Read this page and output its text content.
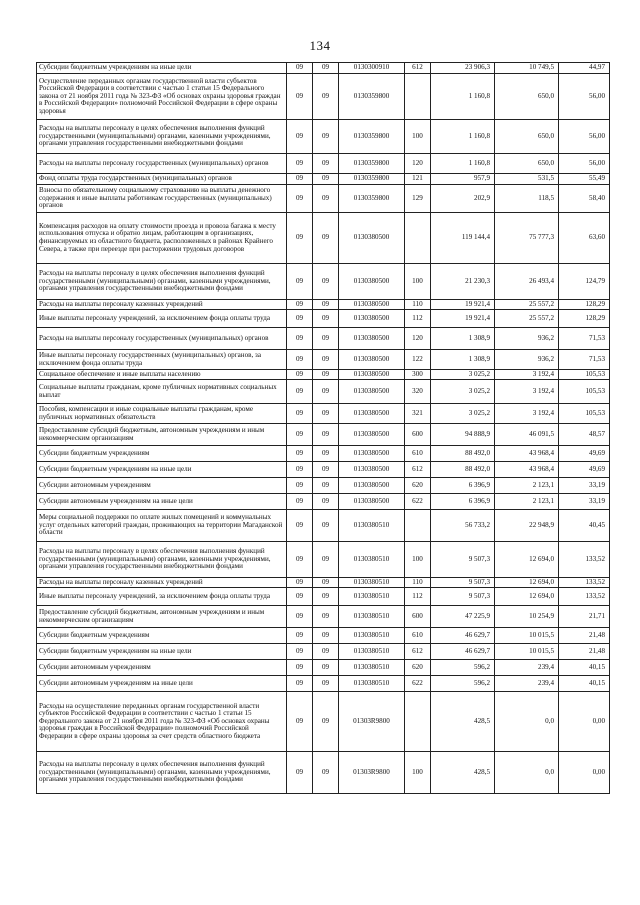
134
Субсидии бюджетным учреждениям на иные цели	09	09	0130300910	612	23 906,3	10 749,5	44,97
Осуществление переданных органам государственной власти субъектов Российской Федерации в соответствии с частью 1 статьи 15 Федерального закона от 21 ноября 2011 года № 323-ФЗ «Об основах охраны здоровья граждан в Российской Федерации» полномочий Российской Федерации в сфере охраны здоровья	09	09	0130359800		1 160,8	650,0	56,00
Расходы на выплаты персоналу в целях обеспечения выполнения функций государственными (муниципальными) органами, казенными учреждениями, органами управления государственными внебюджетными фондами	09	09	0130359800	100	1 160,8	650,0	56,00
Расходы на выплаты персоналу государственных (муниципальных) органов	09	09	0130359800	120	1 160,8	650,0	56,00
Фонд оплаты труда государственных (муниципальных) органов	09	09	0130359800	121	957,9	531,5	55,49
Взносы по обязательному социальному страхованию на выплаты денежного содержания и иные выплаты работникам государственных (муниципальных) органов	09	09	0130359800	129	202,9	118,5	58,40
Компенсация расходов на оплату стоимости проезда и провоза багажа к месту использования отпуска и обратно лицам, работающим в организациях, финансируемых из областного бюджета, расположенных в районах Крайнего Севера, а также при переезде при расторжении трудовых договоров	09	09	0130380500		119 144,4	75 777,3	63,60
Расходы на выплаты персоналу в целях обеспечения выполнения функций государственными (муниципальными) органами, казенными учреждениями, органами управления государственными внебюджетными фондами	09	09	0130380500	100	21 230,3	26 493,4	124,79
Расходы на выплаты персоналу казенных учреждений	09	09	0130380500	110	19 921,4	25 557,2	128,29
Иные выплаты персоналу учреждений, за исключением фонда оплаты труда	09	09	0130380500	112	19 921,4	25 557,2	128,29
Расходы на выплаты персоналу государственных (муниципальных) органов	09	09	0130380500	120	1 308,9	936,2	71,53
Иные выплаты персоналу государственных (муниципальных) органов, за исключением фонда оплаты труда	09	09	0130380500	122	1 308,9	936,2	71,53
Социальное обеспечение и иные выплаты населению	09	09	0130380500	300	3 025,2	3 192,4	105,53
Социальные выплаты гражданам, кроме публичных нормативных социальных выплат	09	09	0130380500	320	3 025,2	3 192,4	105,53
Пособия, компенсации и иные социальные выплаты гражданам, кроме публичных нормативных обязательств	09	09	0130380500	321	3 025,2	3 192,4	105,53
Предоставление субсидий бюджетным, автономным учреждениям и иным некоммерческим организациям	09	09	0130380500	600	94 888,9	46 091,5	48,57
Субсидии бюджетным учреждениям	09	09	0130380500	610	88 492,0	43 968,4	49,69
Субсидии бюджетным учреждениям на иные цели	09	09	0130380500	612	88 492,0	43 968,4	49,69
Субсидии автономным учреждениям	09	09	0130380500	620	6 396,9	2 123,1	33,19
Субсидии автономным учреждениям на иные цели	09	09	0130380500	622	6 396,9	2 123,1	33,19
Меры социальной поддержки по оплате жилых помещений и коммунальных услуг отдельных категорий граждан, проживающих на территории Магаданской области	09	09	0130380510		56 733,2	22 948,9	40,45
Расходы на выплаты персоналу в целях обеспечения выполнения функций государственными (муниципальными) органами, казенными учреждениями, органами управления государственными внебюджетными фондами	09	09	0130380510	100	9 507,3	12 694,0	133,52
Расходы на выплаты персоналу казенных учреждений	09	09	0130380510	110	9 507,3	12 694,0	133,52
Иные выплаты персоналу учреждений, за исключением фонда оплаты труда	09	09	0130380510	112	9 507,3	12 694,0	133,52
Предоставление субсидий бюджетным, автономным учреждениям и иным некоммерческим организациям	09	09	0130380510	600	47 225,9	10 254,9	21,71
Субсидии бюджетным учреждениям	09	09	0130380510	610	46 629,7	10 015,5	21,48
Субсидии бюджетным учреждениям на иные цели	09	09	0130380510	612	46 629,7	10 015,5	21,48
Субсидии автономным учреждениям	09	09	0130380510	620	596,2	239,4	40,15
Субсидии автономным учреждениям на иные цели	09	09	0130380510	622	596,2	239,4	40,15
Расходы на осуществление переданных органам государственной власти субъектов Российской Федерации в соответствии с частью 1 статьи 15 Федерального закона от 21 ноября 2011 года № 323-ФЗ «Об основах охраны здоровья граждан в Российской Федерации» полномочий Российской Федерации в сфере охраны здоровья за счет средств областного бюджета	09	09	01303R9800		428,5	0,0	0,00
Расходы на выплаты персоналу в целях обеспечения выполнения функций государственными (муниципальными) органами, казенными учреждениями, органами управления государственными внебюджетными фондами	09	09	01303R9800	100	428,5	0,0	0,00
